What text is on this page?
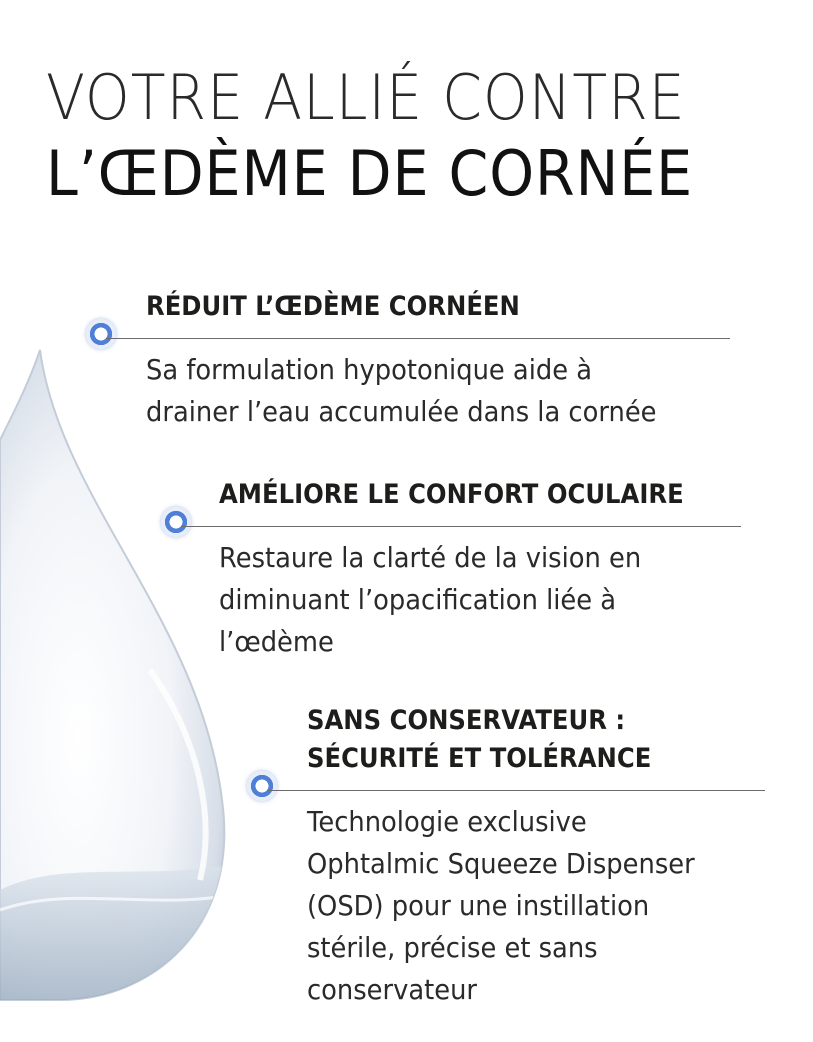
VOTRE ALLIÉ CONTRE
L’ŒDÈME DE CORNÉE
RÉDUIT L’ŒDÈME CORNÉEN

Sa formulation hypotonique aide à
drainer l’eau accumulée dans la cornée

AMÉLIORE LE CONFORT OCULAIRE

Restaure la clarté de la vision en
diminuant l’opacification liée à
l’œdème

SANS CONSERVATEUR :
SÉCURITÉ ET TOLÉRANCE

Technologie exclusive
Ophtalmic Squeeze Dispenser
(OSD) pour une instillation
stérile, précise et sans
conservateur
